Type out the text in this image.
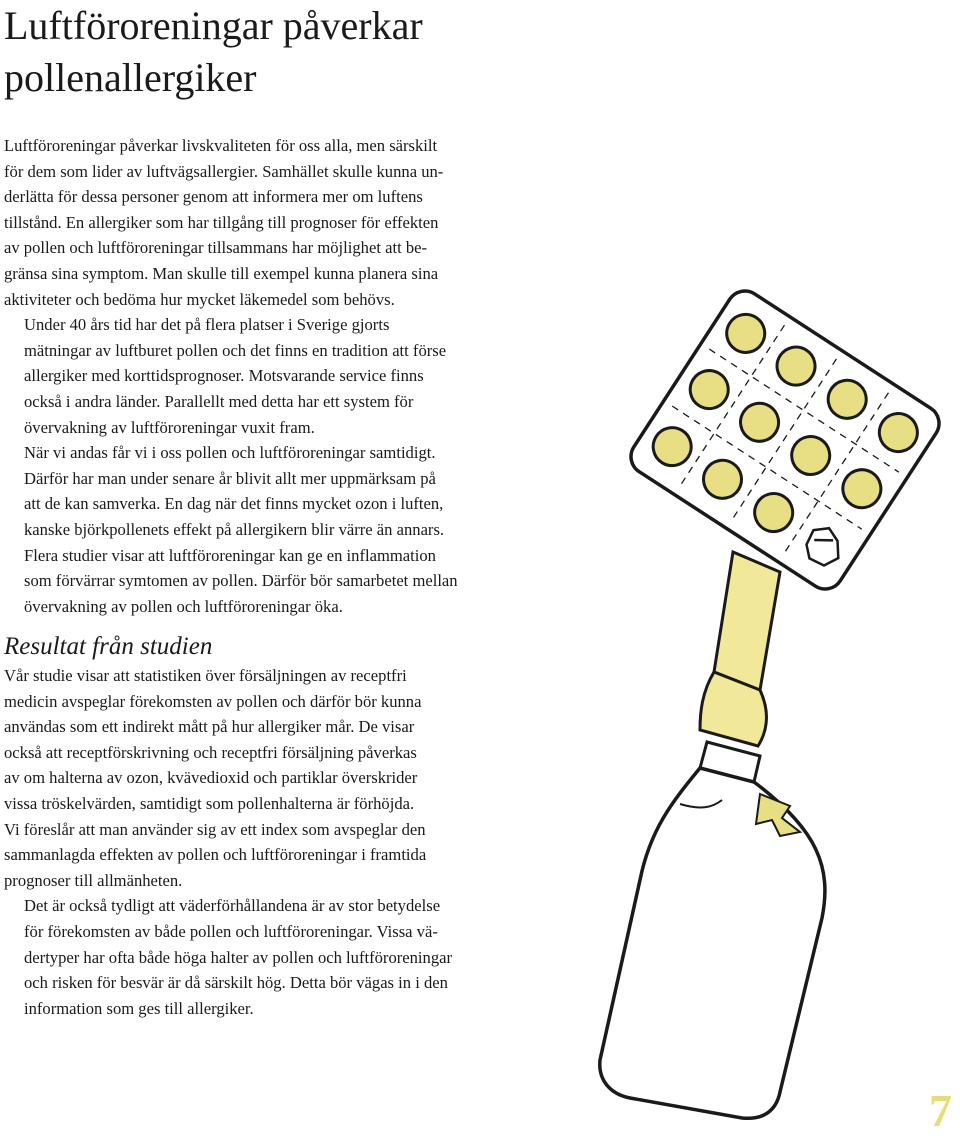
Luftföroreningar påverkar pollenallergiker

Luftföroreningar påverkar livskvaliteten för oss alla, men särskilt
för dem som lider av luftvägsallergier. Samhället skulle kunna un-
derlätta för dessa personer genom att informera mer om luftens
tillstånd. En allergiker som har tillgång till prognoser för effekten
av pollen och luftföroreningar tillsammans har möjlighet att be-
gränsa sina symptom. Man skulle till exempel kunna planera sina
aktiviteter och bedöma hur mycket läkemedel som behövs.

Under 40 års tid har det på flera platser i Sverige gjorts
mätningar av luftburet pollen och det finns en tradition att förse
allergiker med korttidsprognoser. Motsvarande service finns
också i andra länder. Parallellt med detta har ett system för
övervakning av luftföroreningar vuxit fram.

När vi andas får vi i oss pollen och luftföroreningar samtidigt.
Därför har man under senare år blivit allt mer uppmärksam på
att de kan samverka. En dag när det finns mycket ozon i luften,
kanske björkpollenets effekt på allergikern blir värre än annars.
Flera studier visar att luftföroreningar kan ge en inflammation
som förvärrar symtomen av pollen. Därför bör samarbetet mellan
övervakning av pollen och luftföroreningar öka.

Resultat från studien

Vår studie visar att statistiken över försäljningen av receptfri
medicin avspeglar förekomsten av pollen och därför bör kunna
användas som ett indirekt mått på hur allergiker mår. De visar
också att receptförskrivning och receptfri försäljning påverkas
av om halterna av ozon, kvävedioxid och partiklar överskrider
vissa tröskelvärden, samtidigt som pollenhalterna är förhöjda.
Vi föreslår att man använder sig av ett index som avspeglar den
sammanlagda effekten av pollen och luftföroreningar i framtida
prognoser till allmänheten.

Det är också tydligt att väderförhållandena är av stor betydelse
för förekomsten av både pollen och luftföroreningar. Vissa vä-
dertyper har ofta både höga halter av pollen och luftföroreningar
och risken för besvär är då särskilt hög. Detta bör vägas in i den
information som ges till allergiker.

7
